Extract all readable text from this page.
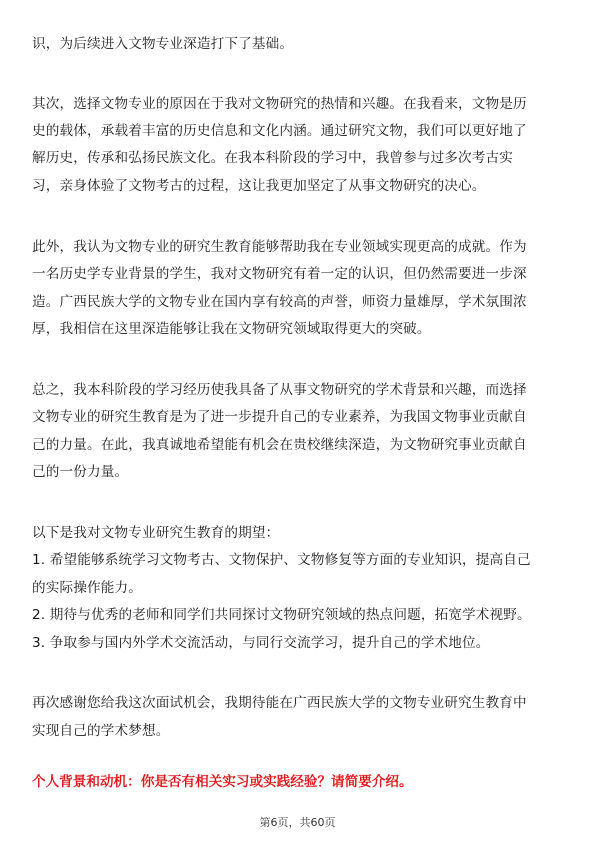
识，为后续进入文物专业深造打下了基础。
其次，选择文物专业的原因在于我对文物研究的热情和兴趣。在我看来，文物是历
史的载体，承载着丰富的历史信息和文化内涵。通过研究文物，我们可以更好地了
解历史，传承和弘扬民族文化。在我本科阶段的学习中，我曾参与过多次考古实
习，亲身体验了文物考古的过程，这让我更加坚定了从事文物研究的决心。
此外，我认为文物专业的研究生教育能够帮助我在专业领域实现更高的成就。作为
一名历史学专业背景的学生，我对文物研究有着一定的认识，但仍然需要进一步深
造。广西民族大学的文物专业在国内享有较高的声誉，师资力量雄厚，学术氛围浓
厚，我相信在这里深造能够让我在文物研究领域取得更大的突破。
总之，我本科阶段的学习经历使我具备了从事文物研究的学术背景和兴趣，而选择
文物专业的研究生教育是为了进一步提升自己的专业素养，为我国文物事业贡献自
己的力量。在此，我真诚地希望能有机会在贵校继续深造，为文物研究事业贡献自
己的一份力量。
以下是我对文物专业研究生教育的期望：
1. 希望能够系统学习文物考古、文物保护、文物修复等方面的专业知识，提高自己
的实际操作能力。
2. 期待与优秀的老师和同学们共同探讨文物研究领域的热点问题，拓宽学术视野。
3. 争取参与国内外学术交流活动，与同行交流学习，提升自己的学术地位。
再次感谢您给我这次面试机会，我期待能在广西民族大学的文物专业研究生教育中
实现自己的学术梦想。
个人背景和动机：你是否有相关实习或实践经验？请简要介绍。
第6页，共60页
